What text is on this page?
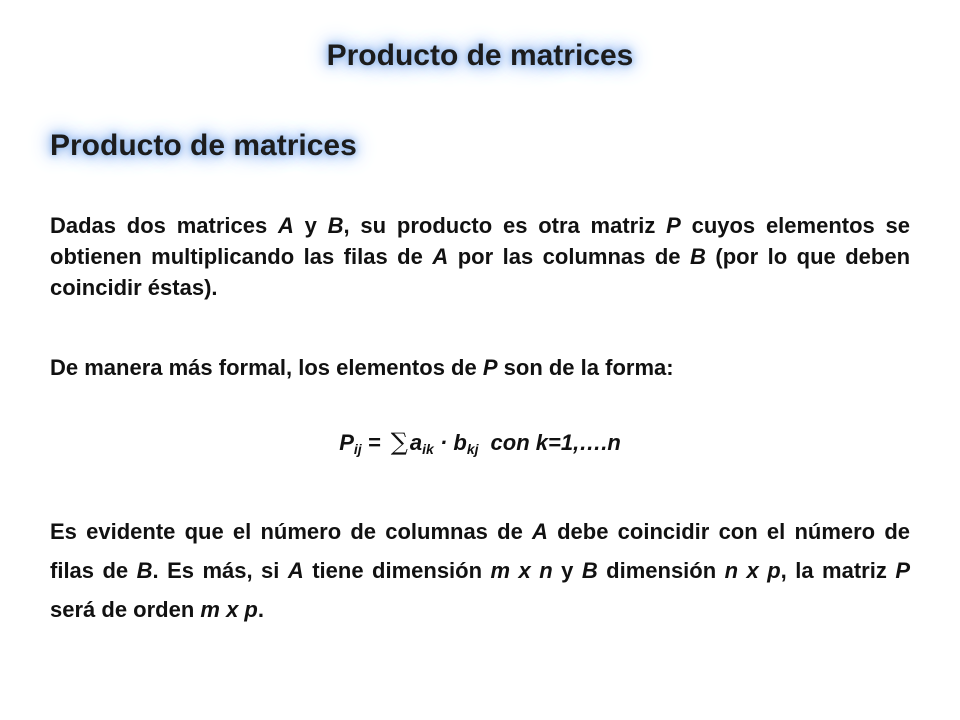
Producto de matrices
Producto de matrices
Dadas dos matrices A y B, su producto es otra matriz P cuyos elementos se obtienen multiplicando las filas de A por las columnas de B (por lo que deben coincidir éstas).
De manera más formal, los elementos de P son de la forma:
$P_{ij} = \sum a_{ik} \cdot b_{kj}$ con k=1,….n
Es evidente que el número de columnas de A debe coincidir con el número de filas de B. Es más, si A tiene dimensión m x n y B dimensión n x p, la matriz P será de orden m x p.
